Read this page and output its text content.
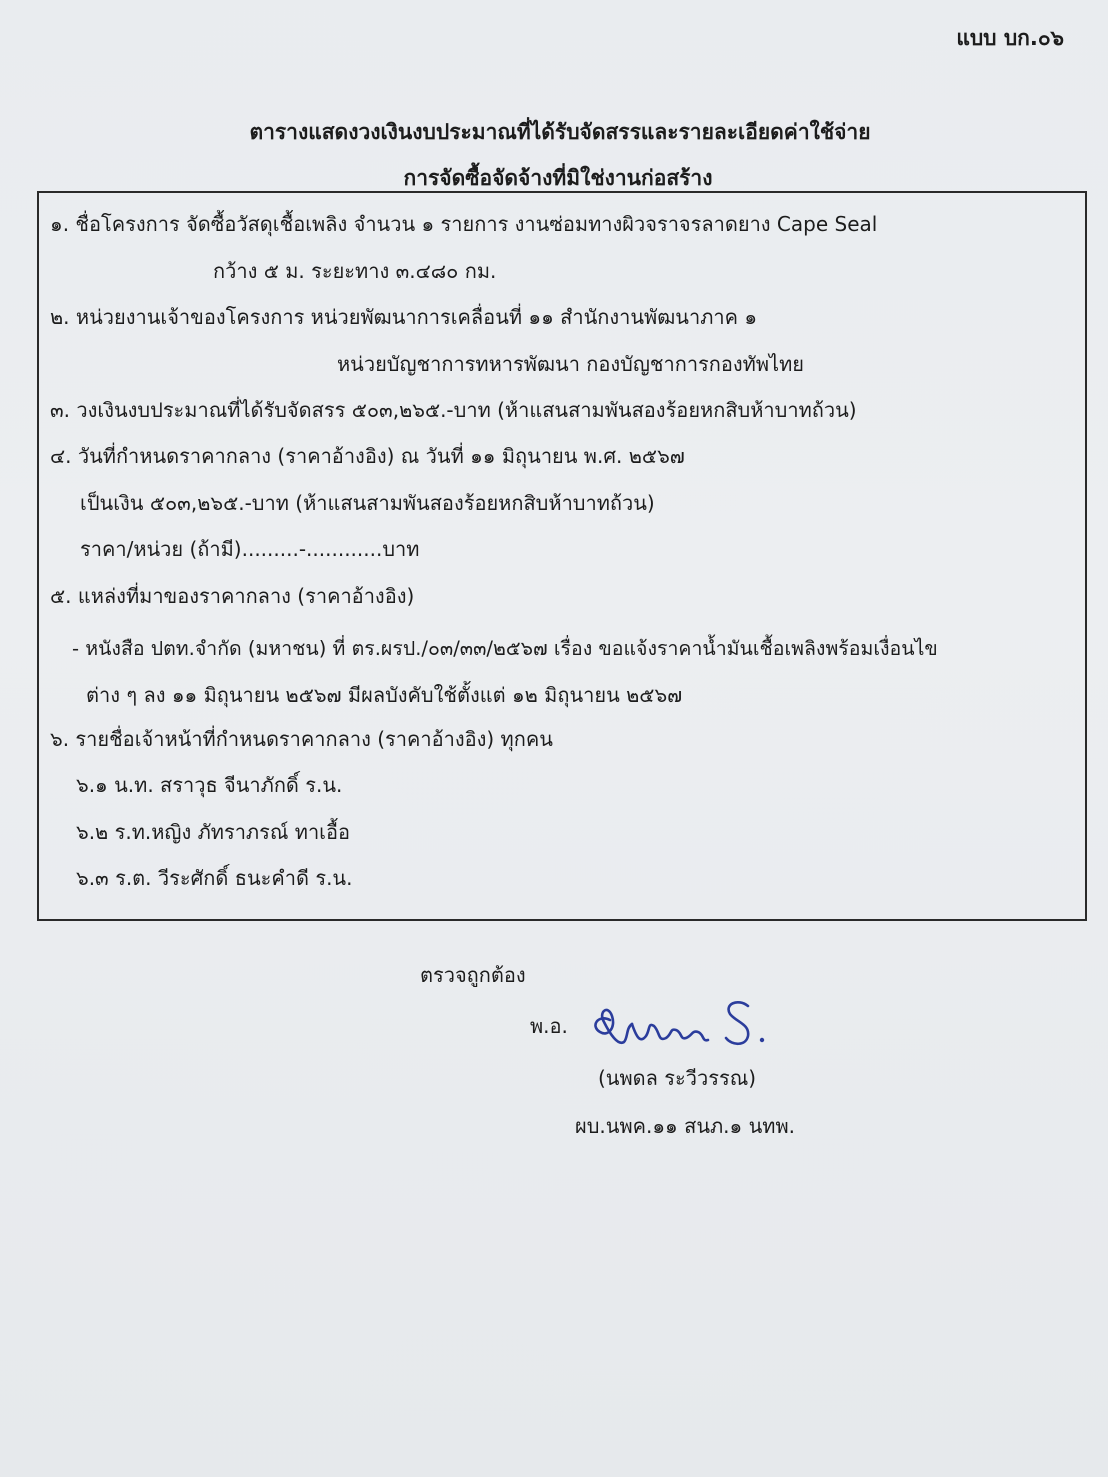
แบบ บก.๐๖
ตารางแสดงวงเงินงบประมาณที่ได้รับจัดสรรและรายละเอียดค่าใช้จ่าย
การจัดซื้อจัดจ้างที่มิใช่งานก่อสร้าง
๑. ชื่อโครงการ จัดซื้อวัสดุเชื้อเพลิง จำนวน ๑ รายการ งานซ่อมทางผิวจราจรลาดยาง Cape Seal
กว้าง ๕ ม. ระยะทาง ๓.๔๘๐ กม.
๒. หน่วยงานเจ้าของโครงการ หน่วยพัฒนาการเคลื่อนที่ ๑๑ สำนักงานพัฒนาภาค ๑
หน่วยบัญชาการทหารพัฒนา กองบัญชาการกองทัพไทย
๓. วงเงินงบประมาณที่ได้รับจัดสรร ๕๐๓,๒๖๕.-บาท (ห้าแสนสามพันสองร้อยหกสิบห้าบาทถ้วน)
๔. วันที่กำหนดราคากลาง (ราคาอ้างอิง) ณ วันที่ ๑๑ มิถุนายน พ.ศ. ๒๕๖๗
เป็นเงิน ๕๐๓,๒๖๕.-บาท (ห้าแสนสามพันสองร้อยหกสิบห้าบาทถ้วน)
ราคา/หน่วย (ถ้ามี).........-............บาท
๕. แหล่งที่มาของราคากลาง (ราคาอ้างอิง)
- หนังสือ ปตท.จำกัด (มหาชน) ที่ ตร.ผรป./๐๓/๓๓/๒๕๖๗ เรื่อง ขอแจ้งราคาน้ำมันเชื้อเพลิงพร้อมเงื่อนไข
ต่าง ๆ ลง ๑๑ มิถุนายน ๒๕๖๗ มีผลบังคับใช้ตั้งแต่ ๑๒ มิถุนายน ๒๕๖๗
๖. รายชื่อเจ้าหน้าที่กำหนดราคากลาง (ราคาอ้างอิง) ทุกคน
๖.๑ น.ท. สราวุธ จีนาภักดิ์ ร.น.
๖.๒ ร.ท.หญิง ภัทราภรณ์ ทาเอื้อ
๖.๓ ร.ต. วีระศักดิ์ ธนะคำดี ร.น.
ตรวจถูกต้อง
พ.อ.
(นพดล ระวีวรรณ)
ผบ.นพค.๑๑ สนภ.๑ นทพ.
